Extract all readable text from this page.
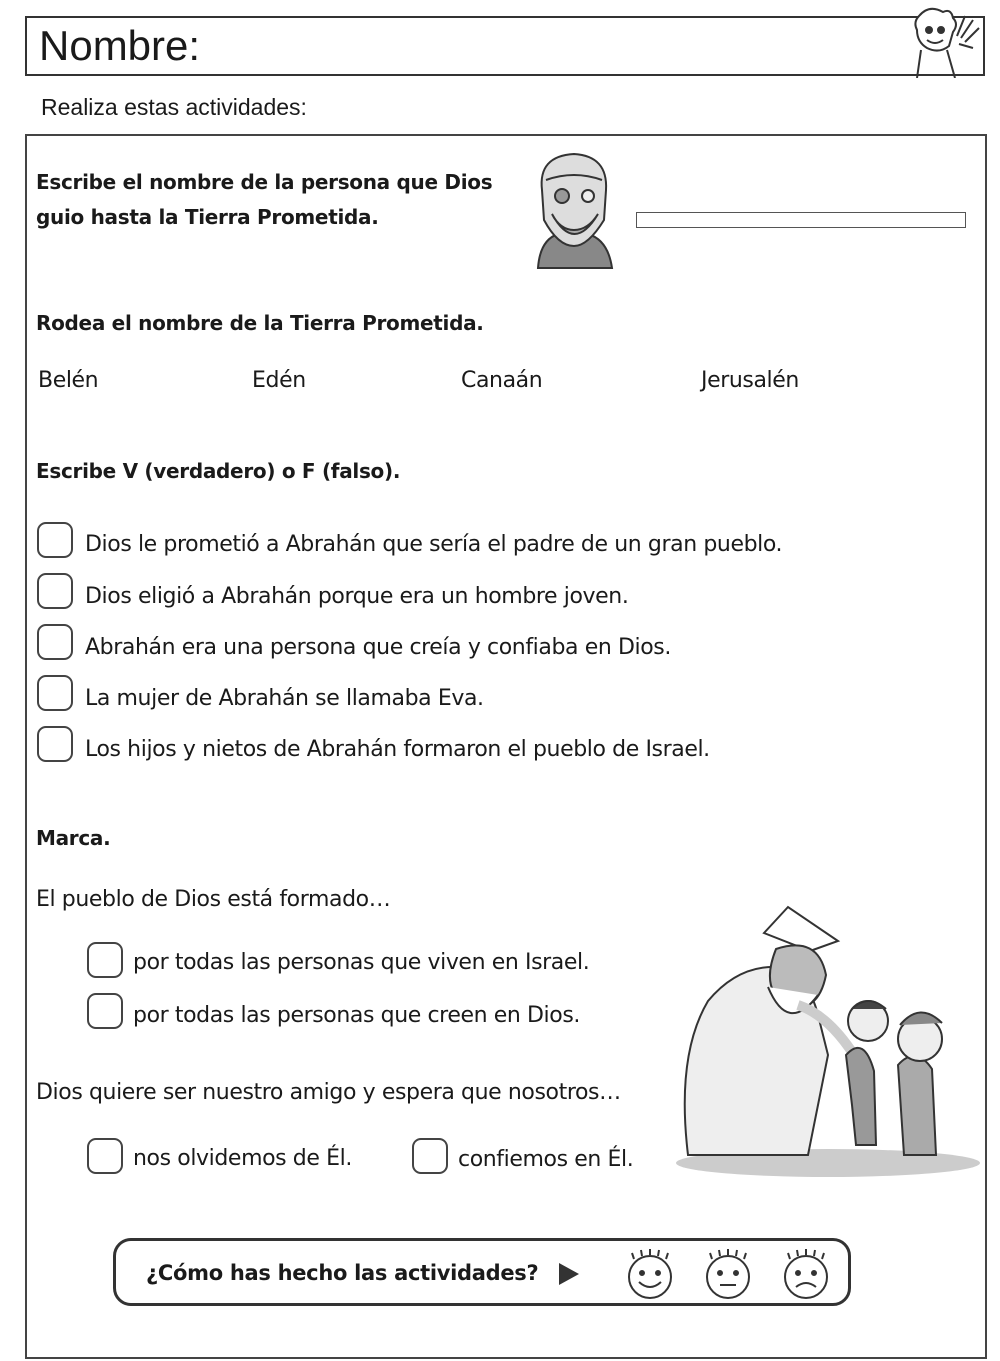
Nombre:
Realiza estas actividades:
Escribe el nombre de la persona que Dios
guio hasta la Tierra Prometida.
Rodea el nombre de la Tierra Prometida.
Belén	Edén	Canaán	Jerusalén
Escribe V (verdadero) o F (falso).
Dios le prometió a Abrahán que sería el padre de un gran pueblo.
Dios eligió a Abrahán porque era un hombre joven.
Abrahán era una persona que creía y confiaba en Dios.
La mujer de Abrahán se llamaba Eva.
Los hijos y nietos de Abrahán formaron el pueblo de Israel.
Marca.
El pueblo de Dios está formado…
por todas las personas que viven en Israel.
por todas las personas que creen en Dios.
Dios quiere ser nuestro amigo y espera que nosotros…
nos olvidemos de Él.	confiemos en Él.
¿Cómo has hecho las actividades?
